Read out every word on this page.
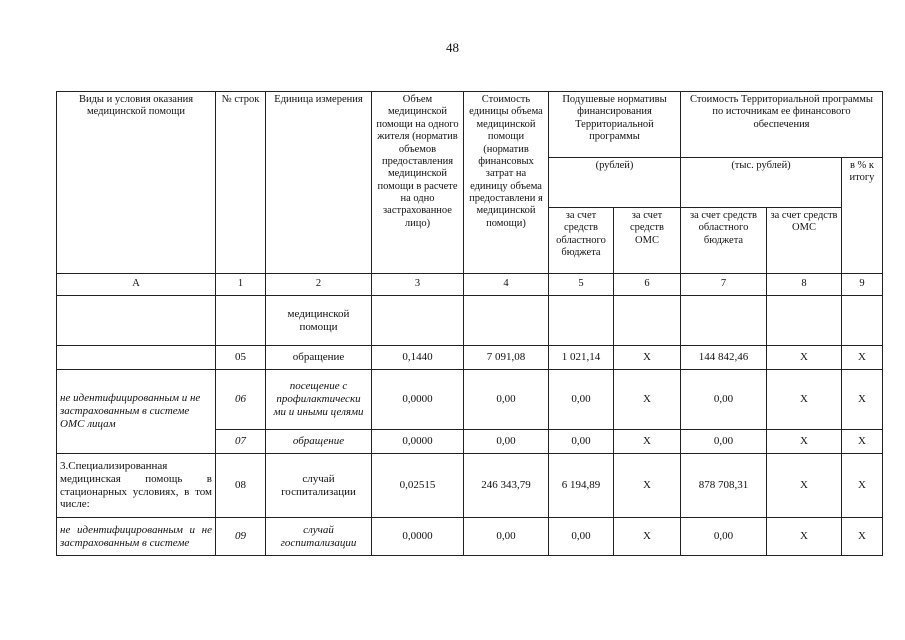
48
Виды и условия оказания медицинской помощи	№ строк	Единица измерения	Объем медицинской помощи на одного жителя (норматив объемов предоставления медицинской помощи в расчете на одно застрахованное лицо)	Стоимость единицы объема медицинской помощи (норматив финансовых затрат на единицу объема предоставлени я медицинской помощи)	Подушевые нормативы финансирования Территориальной программы		Стоимость Территориальной программы по источникам ее финансового обеспечения		
					(рублей)		(тыс. рублей)		в % к итогу
					за счет средств областного бюджета	за счет средств ОМС	за счет средств областного бюджета	за счет средств ОМС	
А	1	2	3	4	5	6	7	8	9
		медицинской помощи							
	05	обращение	0,1440	7 091,08	1 021,14	Х	144 842,46	Х	Х
не идентифицированным и не застрахованным в системе ОМС лицам	06	посещение с профилактически ми и иными целями	0,0000	0,00	0,00	Х	0,00	Х	Х
	07	обращение	0,0000	0,00	0,00	Х	0,00	Х	Х
3.Специализированная медицинская помощь в стационарных условиях, в том числе:	08	случай госпитализации	0,02515	246 343,79	6 194,89	Х	878 708,31	Х	Х
не идентифицированным и не застрахованным в системе	09	случай госпитализации	0,0000	0,00	0,00	Х	0,00	Х	Х
